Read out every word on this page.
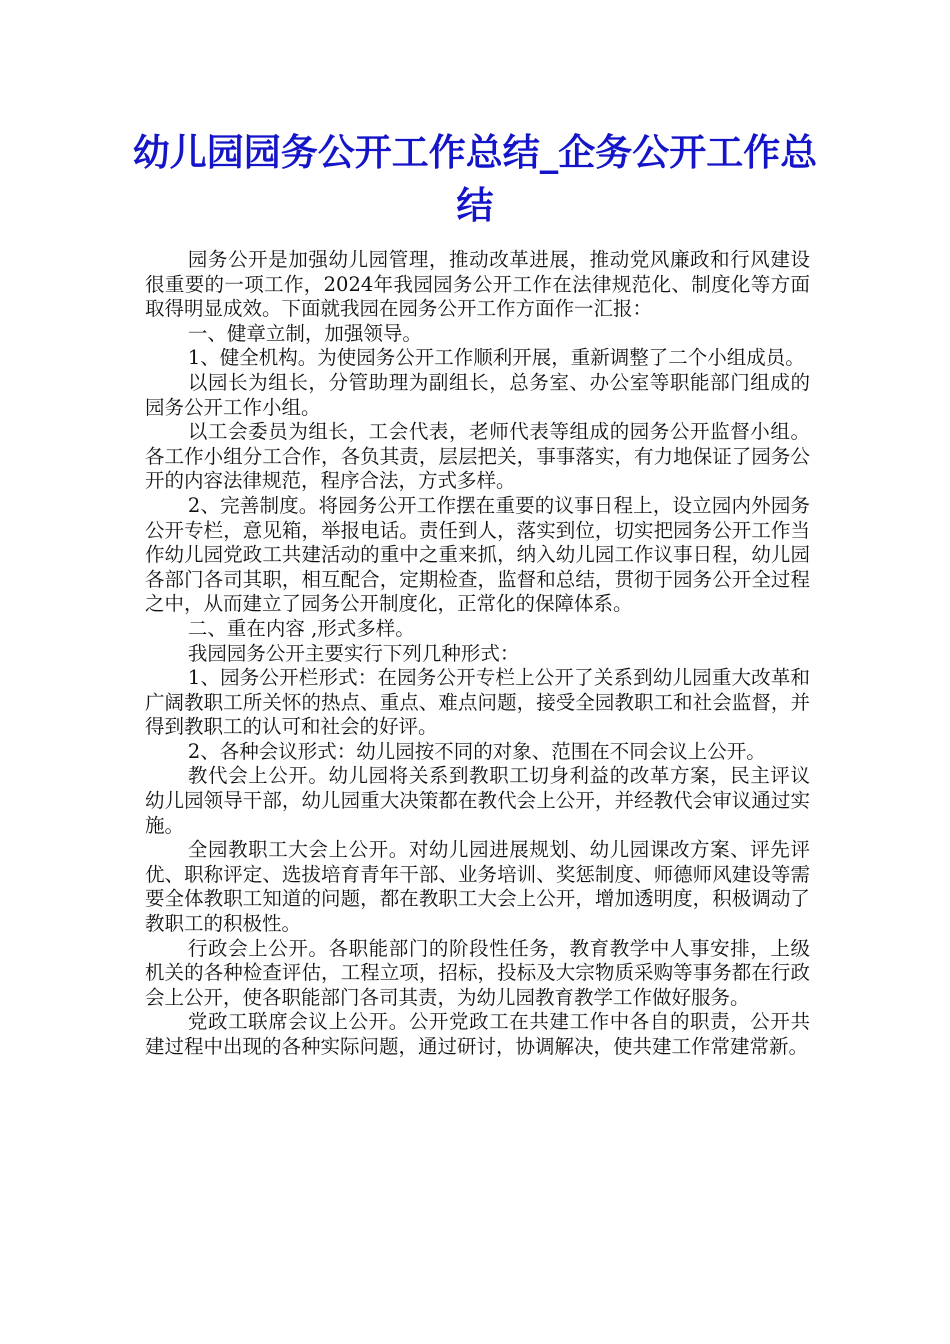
幼儿园园务公开工作总结_企务公开工作总结

园务公开是加强幼儿园管理，推动改革进展，推动党风廉政和行风建设很重要的一项工作，2024年我园园务公开工作在法律规范化、制度化等方面取得明显成效。下面就我园在园务公开工作方面作一汇报：

一、健章立制，加强领导。

1、健全机构。为使园务公开工作顺利开展，重新调整了二个小组成员。

以园长为组长，分管助理为副组长，总务室、办公室等职能部门组成的园务公开工作小组。

以工会委员为组长，工会代表，老师代表等组成的园务公开监督小组。各工作小组分工合作，各负其责，层层把关，事事落实，有力地保证了园务公开的内容法律规范，程序合法，方式多样。

2、完善制度。将园务公开工作摆在重要的议事日程上，设立园内外园务公开专栏，意见箱，举报电话。责任到人，落实到位，切实把园务公开工作当作幼儿园党政工共建活动的重中之重来抓，纳入幼儿园工作议事日程，幼儿园各部门各司其职，相互配合，定期检查，监督和总结，贯彻于园务公开全过程之中，从而建立了园务公开制度化，正常化的保障体系。

二、重在内容 ,形式多样。

我园园务公开主要实行下列几种形式：

1、园务公开栏形式：在园务公开专栏上公开了关系到幼儿园重大改革和广阔教职工所关怀的热点、重点、难点问题，接受全园教职工和社会监督，并得到教职工的认可和社会的好评。

2、各种会议形式：幼儿园按不同的对象、范围在不同会议上公开。

教代会上公开。幼儿园将关系到教职工切身利益的改革方案，民主评议幼儿园领导干部，幼儿园重大决策都在教代会上公开，并经教代会审议通过实施。

全园教职工大会上公开。对幼儿园进展规划、幼儿园课改方案、评先评优、职称评定、选拔培育青年干部、业务培训、奖惩制度、师德师风建设等需要全体教职工知道的问题，都在教职工大会上公开，增加透明度，积极调动了教职工的积极性。

行政会上公开。各职能部门的阶段性任务，教育教学中人事安排，上级机关的各种检查评估，工程立项，招标，投标及大宗物质采购等事务都在行政会上公开，使各职能部门各司其责，为幼儿园教育教学工作做好服务。

党政工联席会议上公开。公开党政工在共建工作中各自的职责，公开共建过程中出现的各种实际问题，通过研讨，协调解决，使共建工作常建常新。
